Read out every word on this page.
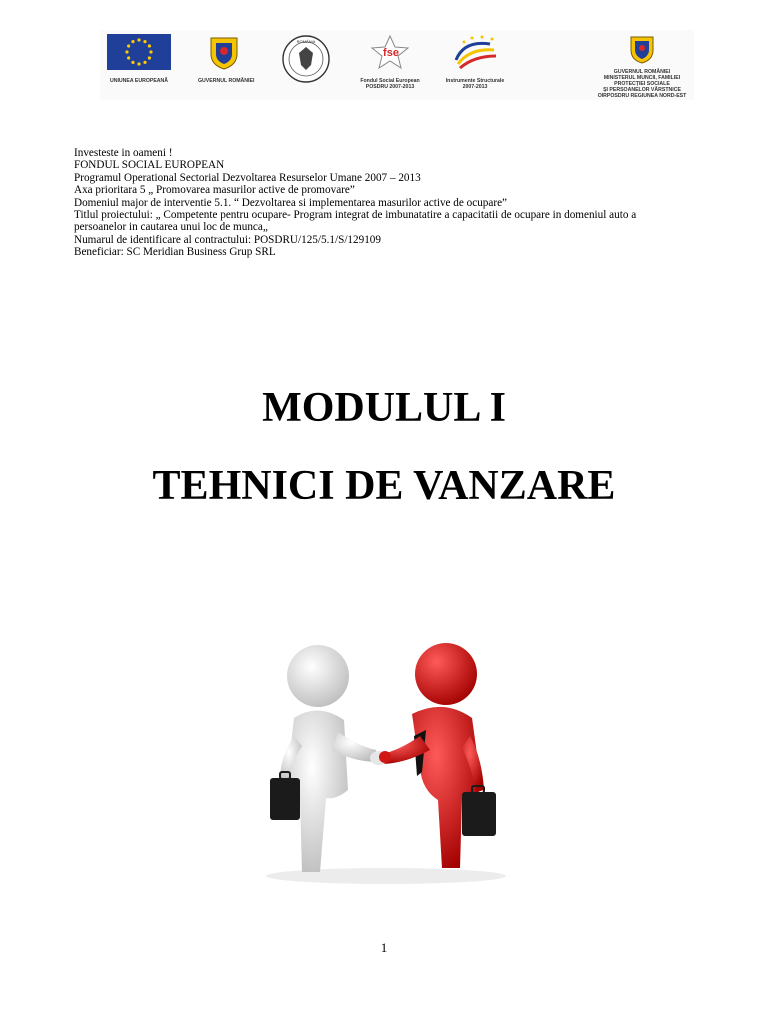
UNIUNEA EUROPEANĂ	GUVERNUL ROMÂNIEI
ROMÂNIA
fse
Fondul Social European
POSDRU 2007-2013
Instrumente Structurale
2007-2013
GUVERNUL ROMÂNIEI
MINISTERUL MUNCII, FAMILIEI
PROTECȚIEI SOCIALE
ȘI PERSOANELOR VÂRSTNICE
OIRPOSDRU REGIUNEA NORD-EST
Investeste in oameni !
FONDUL SOCIAL EUROPEAN
Programul Operational Sectorial Dezvoltarea Resurselor Umane 2007 – 2013
Axa prioritara 5 „ Promovarea masurilor active de promovare”
Domeniul major de interventie 5.1. “ Dezvoltarea si implementarea masurilor active de ocupare”
Titlul proiectului: „ Competente pentru ocupare- Program integrat de imbunatatire a capacitatii de ocupare in domeniul auto a
persoanelor in cautarea unui loc de munca„
Numarul de identificare al contractului: POSDRU/125/5.1/S/129109
Beneficiar: SC Meridian Business Grup SRL
MODULUL I
TEHNICI DE VANZARE
1
